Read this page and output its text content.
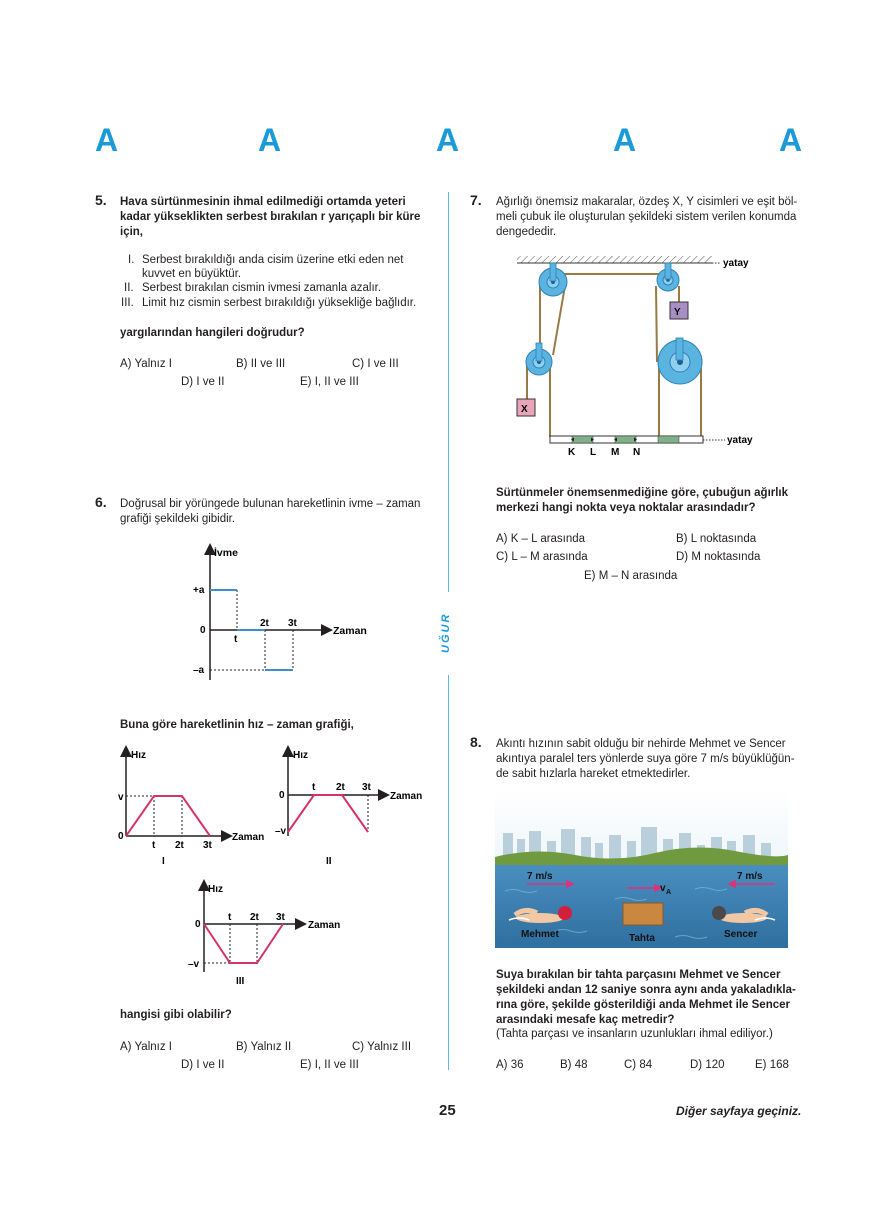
A	A	A	A	A
UĞUR
5. Hava sürtünmesinin ihmal edilmediği ortamda yeteri
kadar yükseklikten serbest bırakılan r yarıçaplı bir küre
için,
I. Serbest bırakıldığı anda cisim üzerine etki eden net
kuvvet en büyüktür.
II. Serbest bırakılan cismin ivmesi zamanla azalır.
III. Limit hız cismin serbest bırakıldığı yüksekliğe bağlıdır.
yargılarından hangileri doğrudur?
A) Yalnız I	B) II ve III	C) I ve III
D) I ve II	E) I, II ve III
6. Doğrusal bir yörüngede bulunan hareketlinin ivme – zaman
grafiği şekildeki gibidir.
İvme
Zaman
+a
0
–a
t
2t 3t
Buna göre hareketlinin hız – zaman grafiği,
Hız
Zaman
v
0
t 2t 3t
I
Hız
Zaman
0
–v
t 2t 3t
II
Hız
Zaman
0
–v
t 2t 3t
III
hangisi gibi olabilir?
A) Yalnız I	B) Yalnız II	C) Yalnız III
D) I ve II	E) I, II ve III
7. Ağırlığı önemsiz makaralar, özdeş X, Y cisimleri ve eşit böl-
meli çubuk ile oluşturulan şekildeki sistem verilen konumda
dengededir.
yatay
Y
X
yatay
K L M N
Sürtünmeler önemsenmediğine göre, çubuğun ağırlık
merkezi hangi nokta veya noktalar arasındadır?
A) K – L arasında	B) L noktasında
C) L – M arasında	D) M noktasında
E) M – N arasında
8. Akıntı hızının sabit olduğu bir nehirde Mehmet ve Sencer
akıntıya paralel ters yönlerde suya göre 7 m/s büyüklüğün-
de sabit hızlarla hareket etmektedirler.
7 m/s
v A
7 m/s
Mehmet	Tahta	Sencer
Suya bırakılan bir tahta parçasını Mehmet ve Sencer
şekildeki andan 12 saniye sonra aynı anda yakaladıkla-
rına göre, şekilde gösterildiği anda Mehmet ile Sencer
arasındaki mesafe kaç metredir?
(Tahta parçası ve insanların uzunlukları ihmal ediliyor.)
A) 36	B) 48	C) 84	D) 120	E) 168
25	Diğer sayfaya geçiniz.
